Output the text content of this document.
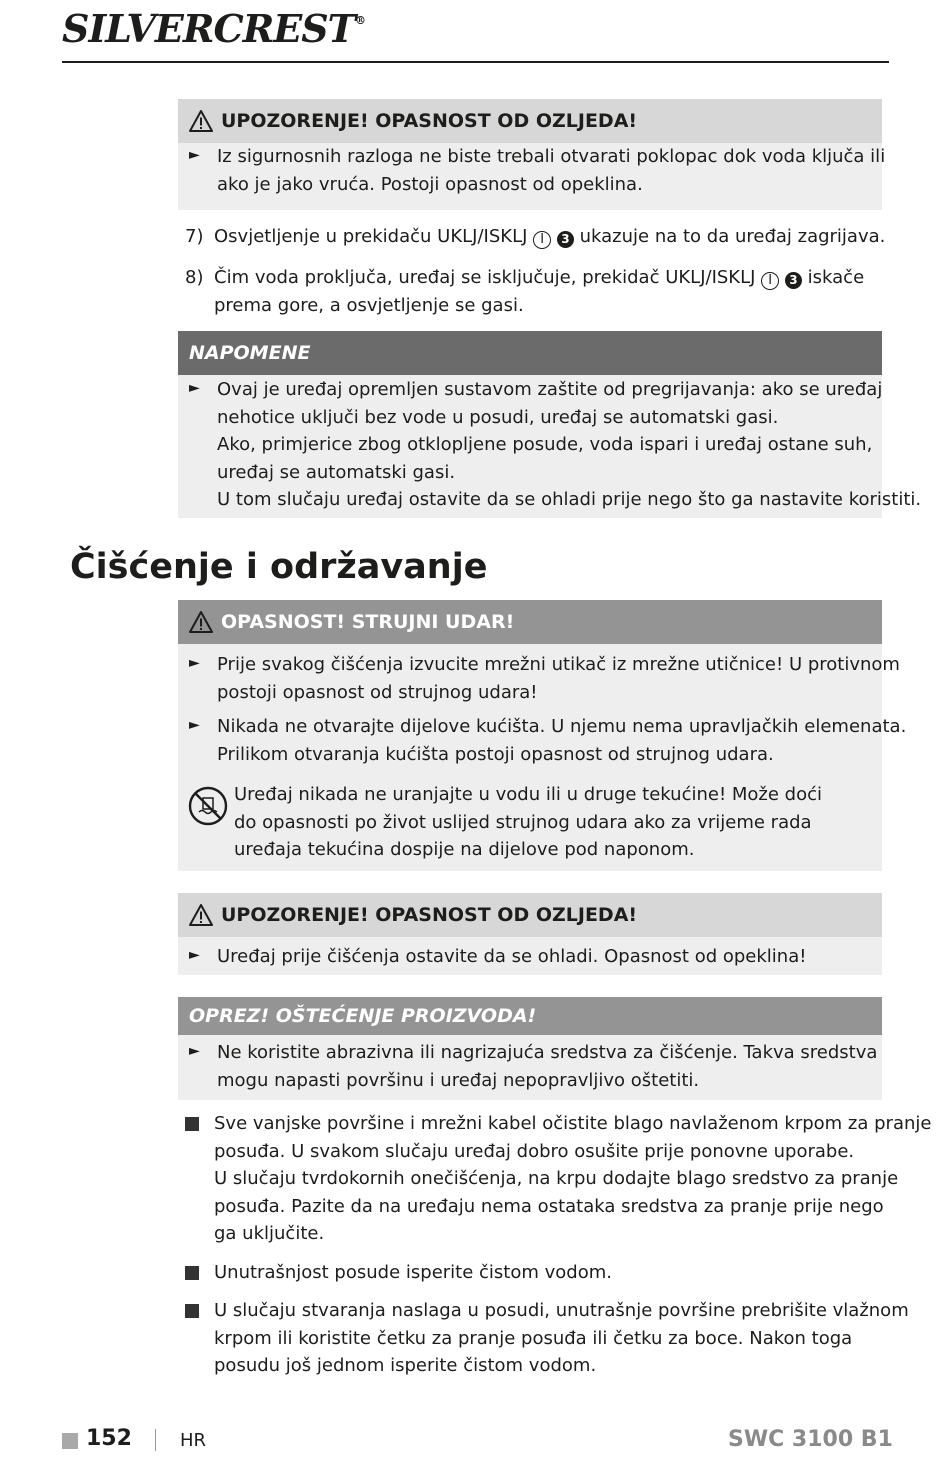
SILVERCREST®
UPOZORENJE! OPASNOST OD OZLJEDA!
► Iz sigurnosnih razloga ne biste trebali otvarati poklopac dok voda ključa ili
ako je jako vruća. Postoji opasnost od opeklina.
7) Osvjetljenje u prekidaču UKLJ/ISKLJ I 3 ukazuje na to da uređaj zagrijava.
8) Čim voda proključa, uređaj se isključuje, prekidač UKLJ/ISKLJ I 3 iskače
prema gore, a osvjetljenje se gasi.
NAPOMENE
► Ovaj je uređaj opremljen sustavom zaštite od pregrijavanja: ako se uređaj
nehotice uključi bez vode u posudi, uređaj se automatski gasi.
Ako, primjerice zbog otklopljene posude, voda ispari i uređaj ostane suh,
uređaj se automatski gasi.
U tom slučaju uređaj ostavite da se ohladi prije nego što ga nastavite koristiti.
Čišćenje i održavanje
OPASNOST! STRUJNI UDAR!
► Prije svakog čišćenja izvucite mrežni utikač iz mrežne utičnice! U protivnom
postoji opasnost od strujnog udara!
► Nikada ne otvarajte dijelove kućišta. U njemu nema upravljačkih elemenata.
Prilikom otvaranja kućišta postoji opasnost od strujnog udara.
Uređaj nikada ne uranjajte u vodu ili u druge tekućine! Može doći
do opasnosti po život uslijed strujnog udara ako za vrijeme rada
uređaja tekućina dospije na dijelove pod naponom.
UPOZORENJE! OPASNOST OD OZLJEDA!
► Uređaj prije čišćenja ostavite da se ohladi. Opasnost od opeklina!
OPREZ! OŠTEĆENJE PROIZVODA!
► Ne koristite abrazivna ili nagrizajuća sredstva za čišćenje. Takva sredstva
mogu napasti površinu i uređaj nepopravljivo oštetiti.
Sve vanjske površine i mrežni kabel očistite blago navlaženom krpom za pranje
posuđa. U svakom slučaju uređaj dobro osušite prije ponovne uporabe.
U slučaju tvrdokornih onečišćenja, na krpu dodajte blago sredstvo za pranje
posuđa. Pazite da na uređaju nema ostataka sredstva za pranje prije nego
ga uključite.
Unutrašnjost posude isperite čistom vodom.
U slučaju stvaranja naslaga u posudi, unutrašnje površine prebrišite vlažnom
krpom ili koristite četku za pranje posuđa ili četku za boce. Nakon toga
posudu još jednom isperite čistom vodom.
152	HR	SWC 3100 B1
